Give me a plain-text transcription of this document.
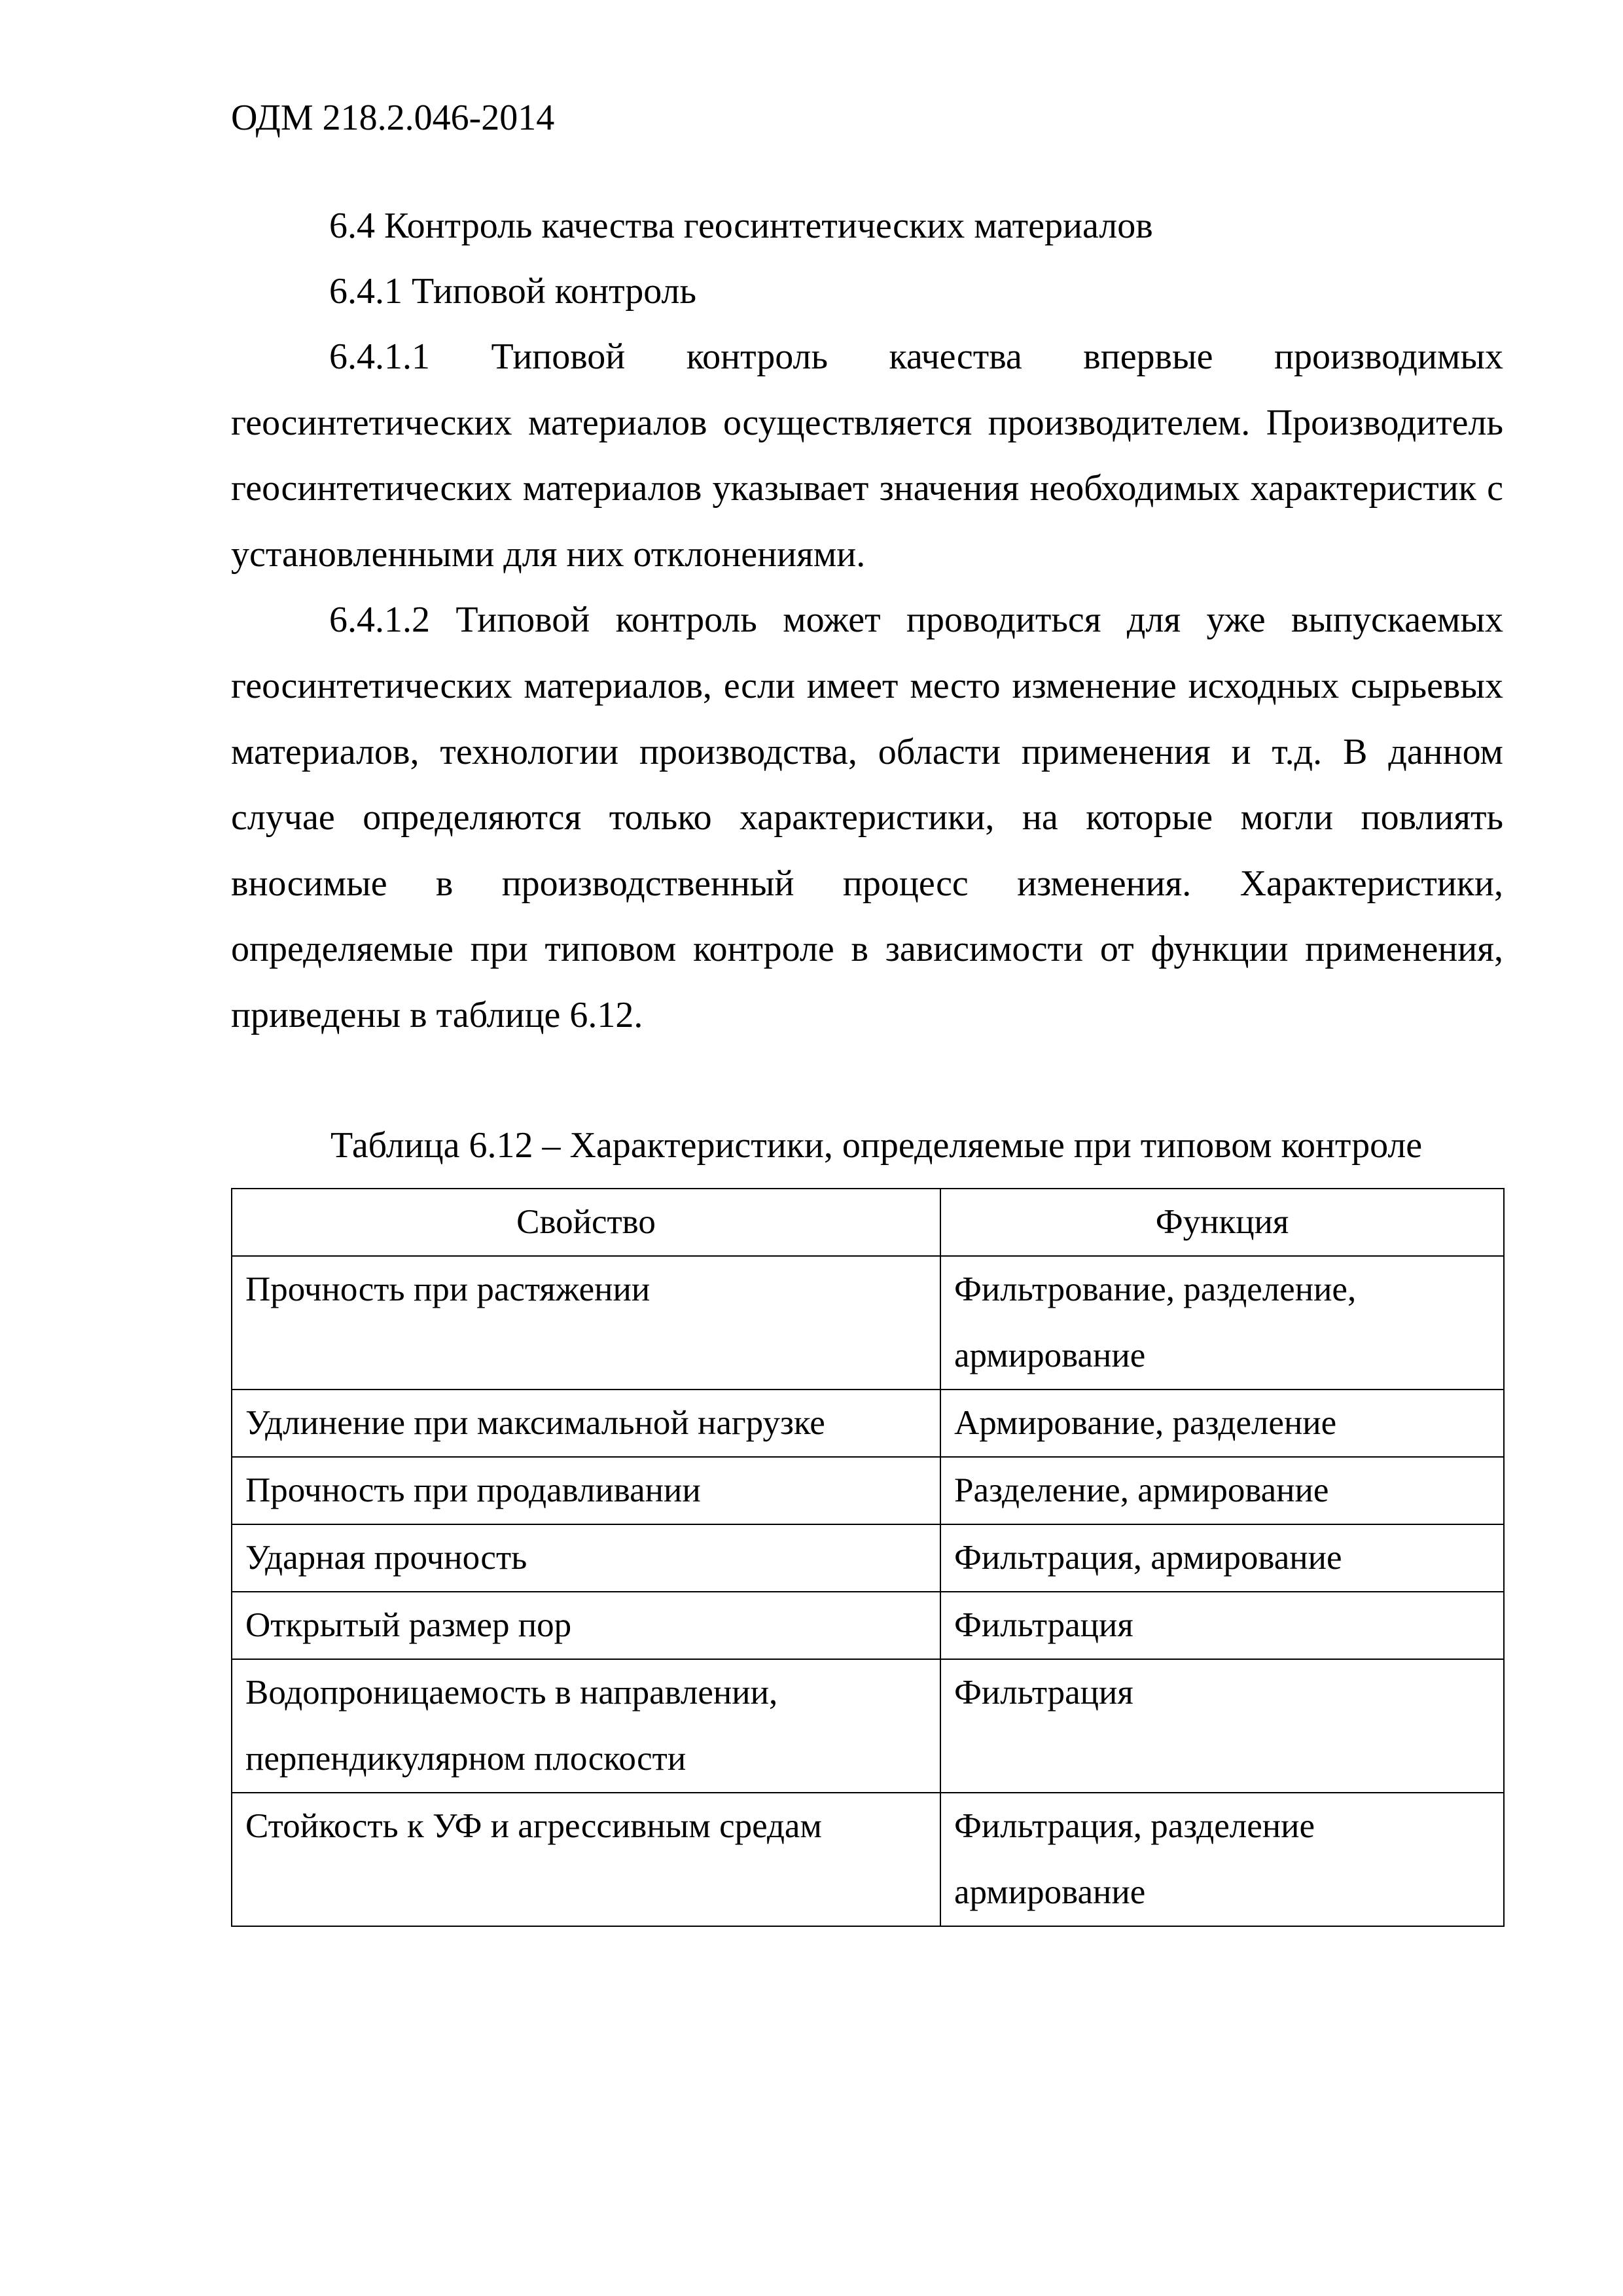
ОДМ 218.2.046-2014

6.4 Контроль качества геосинтетических материалов

6.4.1 Типовой контроль

6.4.1.1 Типовой контроль качества впервые производимых геосинтетических материалов осуществляется производителем. Производитель геосинтетических материалов указывает значения необходимых характеристик с установленными для них отклонениями.

6.4.1.2 Типовой контроль может проводиться для уже выпускаемых геосинтетических материалов, если имеет место изменение исходных сырьевых материалов, технологии производства, области применения и т.д. В данном случае определяются только характеристики, на которые могли повлиять вносимые в производственный процесс изменения. Характеристики, определяемые при типовом контроле в зависимости от функции применения, приведены в таблице 6.12.

Таблица 6.12 – Характеристики, определяемые при типовом контроле
Свойство	Функция
Прочность при растяжении	Фильтрование, разделение, армирование
Удлинение при максимальной нагрузке	Армирование, разделение
Прочность при продавливании	Разделение, армирование
Ударная прочность	Фильтрация, армирование
Открытый размер пор	Фильтрация
Водопроницаемость в направлении, перпендикулярном плоскости	Фильтрация
Стойкость к УФ и агрессивным средам	Фильтрация, разделение армирование
